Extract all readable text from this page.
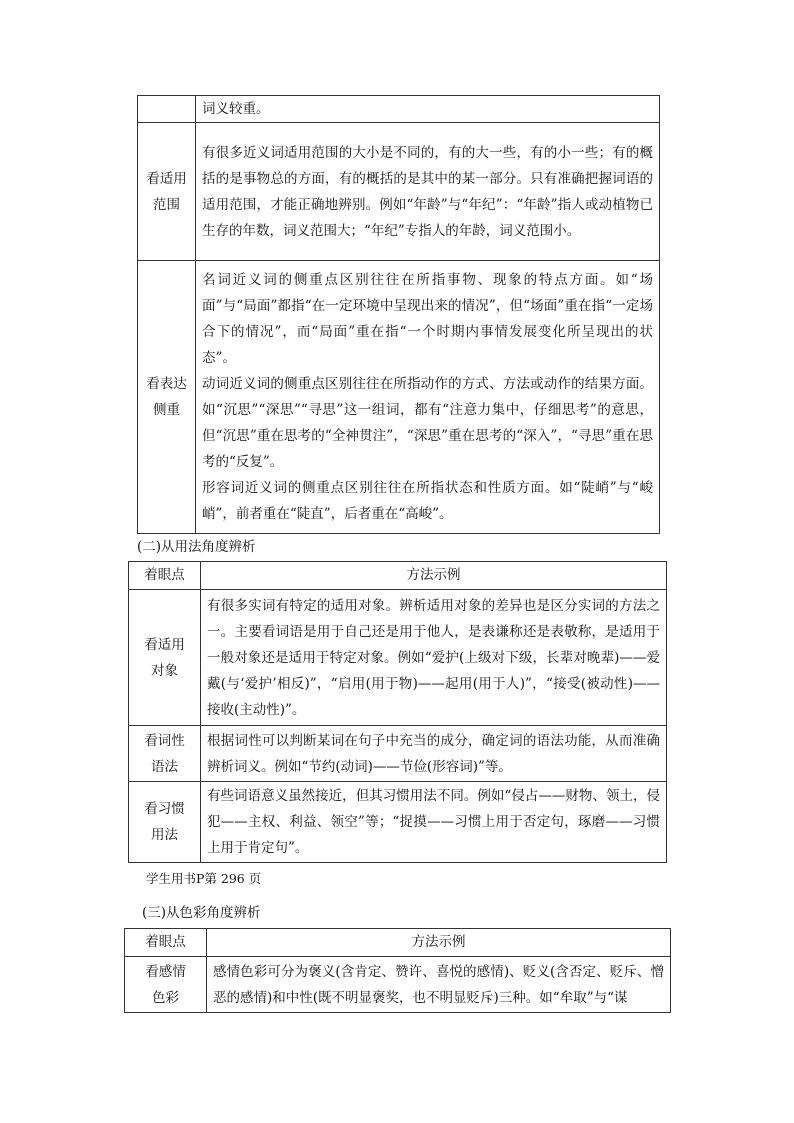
	词义较重。

看适用范围	有很多近义词适用范围的大小是不同的，有的大一些，有的小一些；有的概括的是事物总的方面，有的概括的是其中的某一部分。只有准确把握词语的适用范围，才能正确地辨别。例如“年龄”与“年纪”：“年龄”指人或动植物已生存的年数，词义范围大；“年纪”专指人的年龄，词义范围小。

看表达侧重	名词近义词的侧重点区别往往在所指事物、现象的特点方面。如“场面”与“局面”都指“在一定环境中呈现出来的情况”，但“场面”重在指“一定场合下的情况”，而“局面”重在指“一个时期内事情发展变化所呈现出的状态”。

动词近义词的侧重点区别往往在所指动作的方式、方法或动作的结果方面。如“沉思”“深思”“寻思”这一组词，都有“注意力集中，仔细思考”的意思，但“沉思”重在思考的“全神贯注”，“深思”重在思考的“深入”，“寻思”重在思考的“反复”。

形容词近义词的侧重点区别往往在所指状态和性质方面。如“陡峭”与“峻峭”，前者重在“陡直”，后者重在“高峻”。

(二)从用法角度辨析

着眼点	方法示例
看适用对象	有很多实词有特定的适用对象。辨析适用对象的差异也是区分实词的方法之一。主要看词语是用于自己还是用于他人，是表谦称还是表敬称，是适用于一般对象还是适用于特定对象。例如“爱护(上级对下级，长辈对晚辈)——爱戴(与‘爱护’相反)”，“启用(用于物)——起用(用于人)”，“接受(被动性)——接收(主动性)”。

看词性语法	根据词性可以判断某词在句子中充当的成分，确定词的语法功能，从而准确辨析词义。例如“节约(动词)——节俭(形容词)”等。

看习惯用法	有些词语意义虽然接近，但其习惯用法不同。例如“侵占——财物、领土，侵犯——主权、利益、领空”等；“捉摸——习惯上用于否定句，琢磨——习惯上用于肯定句”。

学生用书P第 296 页

(三)从色彩角度辨析

着眼点	方法示例
看感情色彩	感情色彩可分为褒义(含肯定、赞许、喜悦的感情)、贬义(含否定、贬斥、憎恶的感情)和中性(既不明显褒奖，也不明显贬斥)三种。如“牟取”与“谋
